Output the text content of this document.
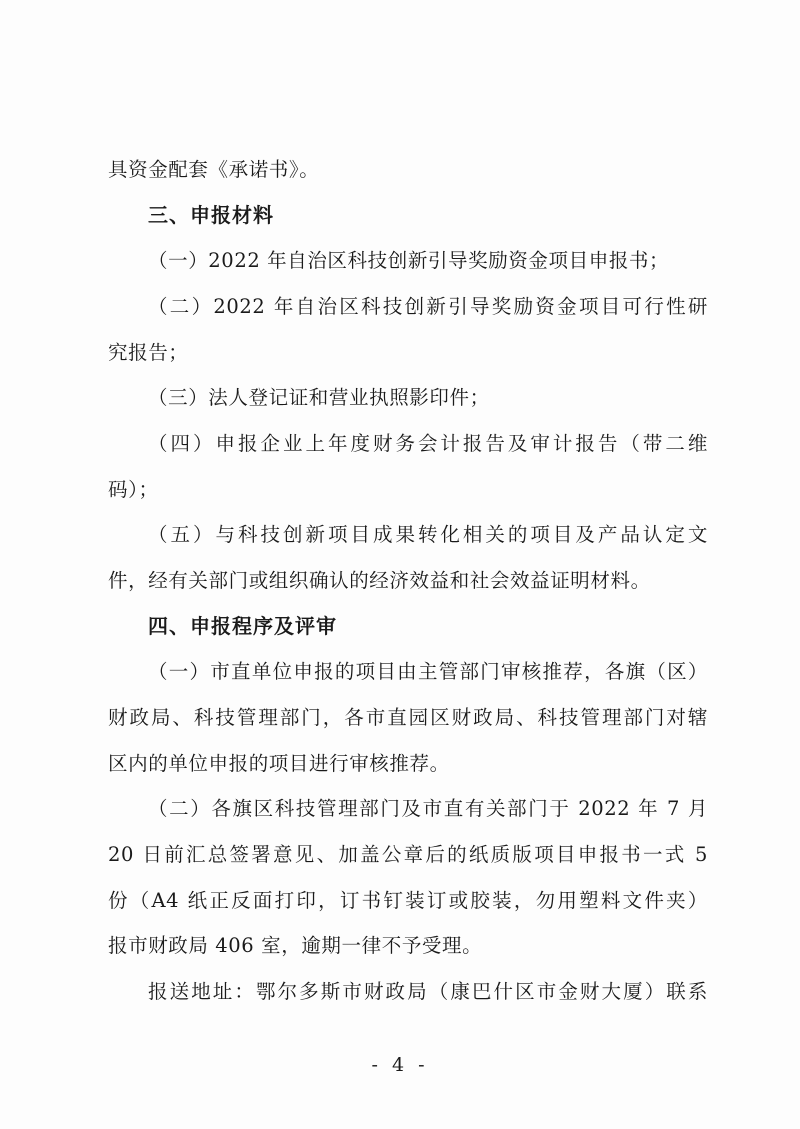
具资金配套《承诺书》。
三、申报材料
（一）2022 年自治区科技创新引导奖励资金项目申报书；
（二）2022 年自治区科技创新引导奖励资金项目可行性研
究报告；
（三）法人登记证和营业执照影印件；
（四）申报企业上年度财务会计报告及审计报告（带二维
码）；
（五）与科技创新项目成果转化相关的项目及产品认定文
件，经有关部门或组织确认的经济效益和社会效益证明材料。
四、申报程序及评审
（一）市直单位申报的项目由主管部门审核推荐，各旗（区）
财政局、科技管理部门，各市直园区财政局、科技管理部门对辖
区内的单位申报的项目进行审核推荐。
（二）各旗区科技管理部门及市直有关部门于 2022 年 7 月
20 日前汇总签署意见、加盖公章后的纸质版项目申报书一式 5
份（A4 纸正反面打印，订书钉装订或胶装，勿用塑料文件夹）
报市财政局 406 室，逾期一律不予受理。
报送地址：鄂尔多斯市财政局（康巴什区市金财大厦）联系
- 4 -
